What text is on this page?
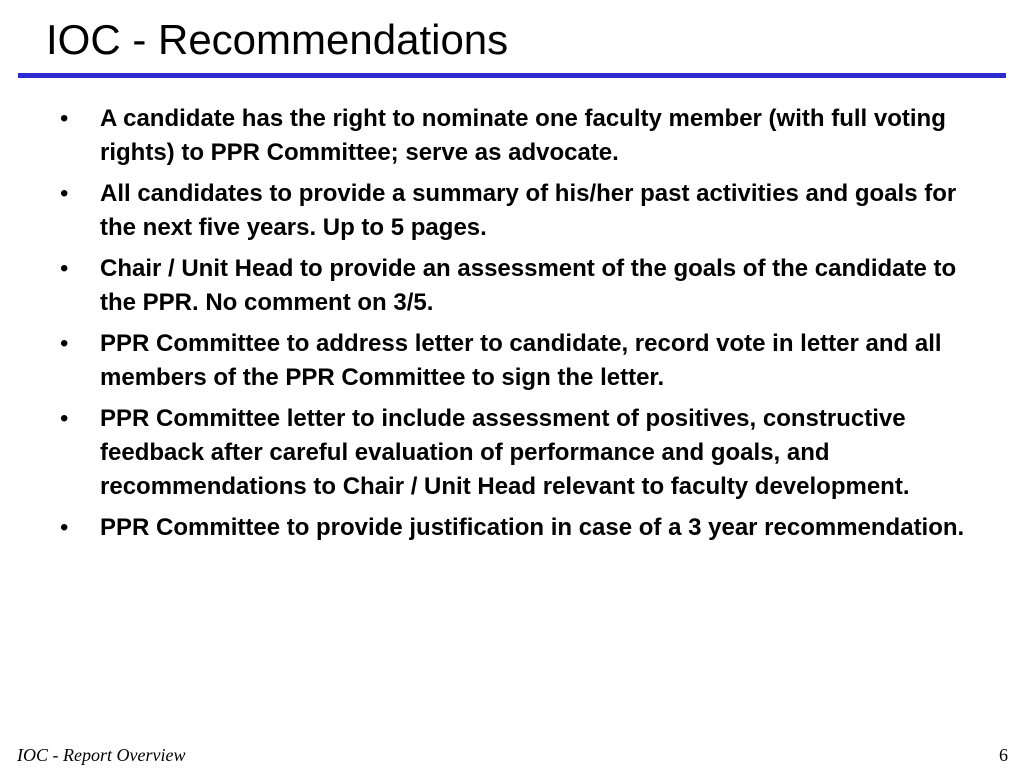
IOC - Recommendations
•	A candidate has the right to nominate one faculty member (with full voting rights) to PPR Committee; serve as advocate.
•	All candidates to provide a summary of his/her past activities and goals for the next five years. Up to 5 pages.
•	Chair / Unit Head to provide an assessment of the goals of the candidate to the PPR. No comment on 3/5.
•	PPR Committee to address letter to candidate, record vote in letter and all members of the PPR Committee to sign the letter.
•	PPR Committee letter to include assessment of positives, constructive feedback after careful evaluation of performance and goals, and recommendations to Chair / Unit Head relevant to faculty development.
•	PPR Committee to provide justification in case of a 3 year recommendation.
IOC - Report Overview	6
